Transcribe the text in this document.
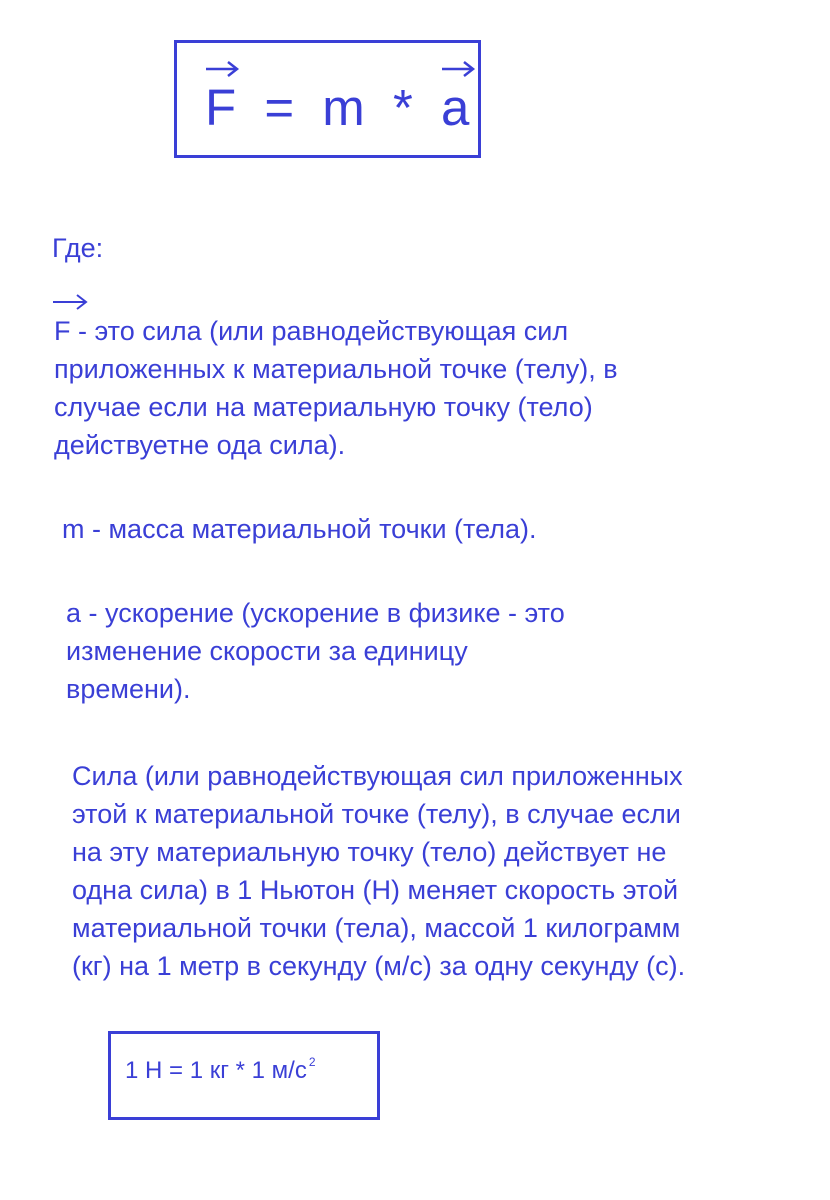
F = m * a
Где:
F - это сила (или равнодействующая сил
приложенных к материальной точке (телу), в
случае если на материальную точку (тело)
действуетне ода сила).
m - масса материальной точки (тела).
a - ускорение (ускорение в физике - это
изменение скорости за единицу
времени).
Сила (или равнодействующая сил приложенных
этой к материальной точке (телу), в случае если
на эту материальную точку (тело) действует не
одна сила) в 1 Ньютон (Н) меняет скорость этой
материальной точки (тела), массой 1 килограмм
(кг) на 1 метр в секунду (м/с) за одну секунду (с).
1 Н = 1 кг * 1 м/с $^2$
